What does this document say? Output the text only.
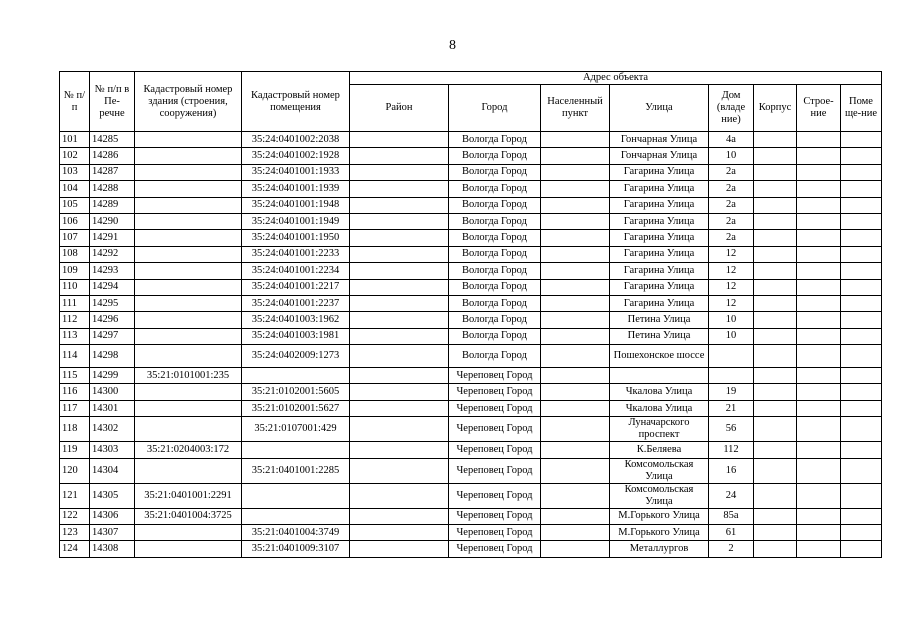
8
№ п/п	№ п/п в Пе-речне	Кадастровый номер здания (строения, сооружения)	Кадастровый номер помещения	Адрес объекта							
				Район	Город	Населенный пункт	Улица	Дом (владе ние)	Корпус	Строе-ние	Поме ще-ние
101	14285		35:24:0401002:2038		Вологда Город		Гончарная Улица	4а			
102	14286		35:24:0401002:1928		Вологда Город		Гончарная Улица	10			
103	14287		35:24:0401001:1933		Вологда Город		Гагарина Улица	2а			
104	14288		35:24:0401001:1939		Вологда Город		Гагарина Улица	2а			
105	14289		35:24:0401001:1948		Вологда Город		Гагарина Улица	2а			
106	14290		35:24:0401001:1949		Вологда Город		Гагарина Улица	2а			
107	14291		35:24:0401001:1950		Вологда Город		Гагарина Улица	2а			
108	14292		35:24:0401001:2233		Вологда Город		Гагарина Улица	12			
109	14293		35:24:0401001:2234		Вологда Город		Гагарина Улица	12			
110	14294		35:24:0401001:2217		Вологда Город		Гагарина Улица	12			
111	14295		35:24:0401001:2237		Вологда Город		Гагарина Улица	12			
112	14296		35:24:0401003:1962		Вологда Город		Петина Улица	10			
113	14297		35:24:0401003:1981		Вологда Город		Петина Улица	10			
114	14298		35:24:0402009:1273		Вологда Город		Пошехонское шоссе				
115	14299	35:21:0101001:235			Череповец Город						
116	14300		35:21:0102001:5605		Череповец Город		Чкалова Улица	19			
117	14301		35:21:0102001:5627		Череповец Город		Чкалова Улица	21			
118	14302		35:21:0107001:429		Череповец Город		Луначарского проспект	56			
119	14303	35:21:0204003:172			Череповец Город		К.Беляева	112			
120	14304		35:21:0401001:2285		Череповец Город		Комсомольская Улица	16			
121	14305	35:21:0401001:2291			Череповец Город		Комсомольская Улица	24			
122	14306	35:21:0401004:3725			Череповец Город		М.Горького Улица	85а			
123	14307		35:21:0401004:3749		Череповец Город		М.Горького Улица	61			
124	14308		35:21:0401009:3107		Череповец Город		Металлургов	2			
